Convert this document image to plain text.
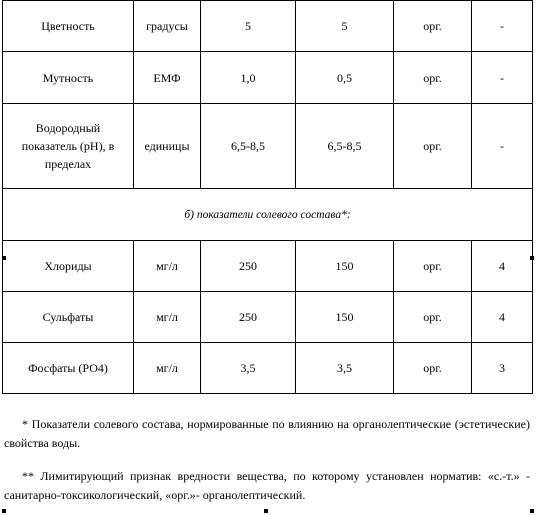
Цветность	градусы	5	5	орг.	-
Мутность	ЕМФ	1,0	0,5	орг.	-
Водородный показатель (рН), в пределах	единицы	6,5-8,5	6,5-8,5	орг.	-
б) показатели солевого состава*:					
Хлориды	мг/л	250	150	орг.	4
Сульфаты	мг/л	250	150	орг.	4
Фосфаты (РО4)	мг/л	3,5	3,5	орг.	3

* Показатели солевого состава, нормированные по влиянию на органолептические (эстетические) свойства воды.

** Лимитирующий признак вредности вещества, по которому установлен норматив: «с.-т.» - санитарно-токсикологический, «орг.»- органолептический.
